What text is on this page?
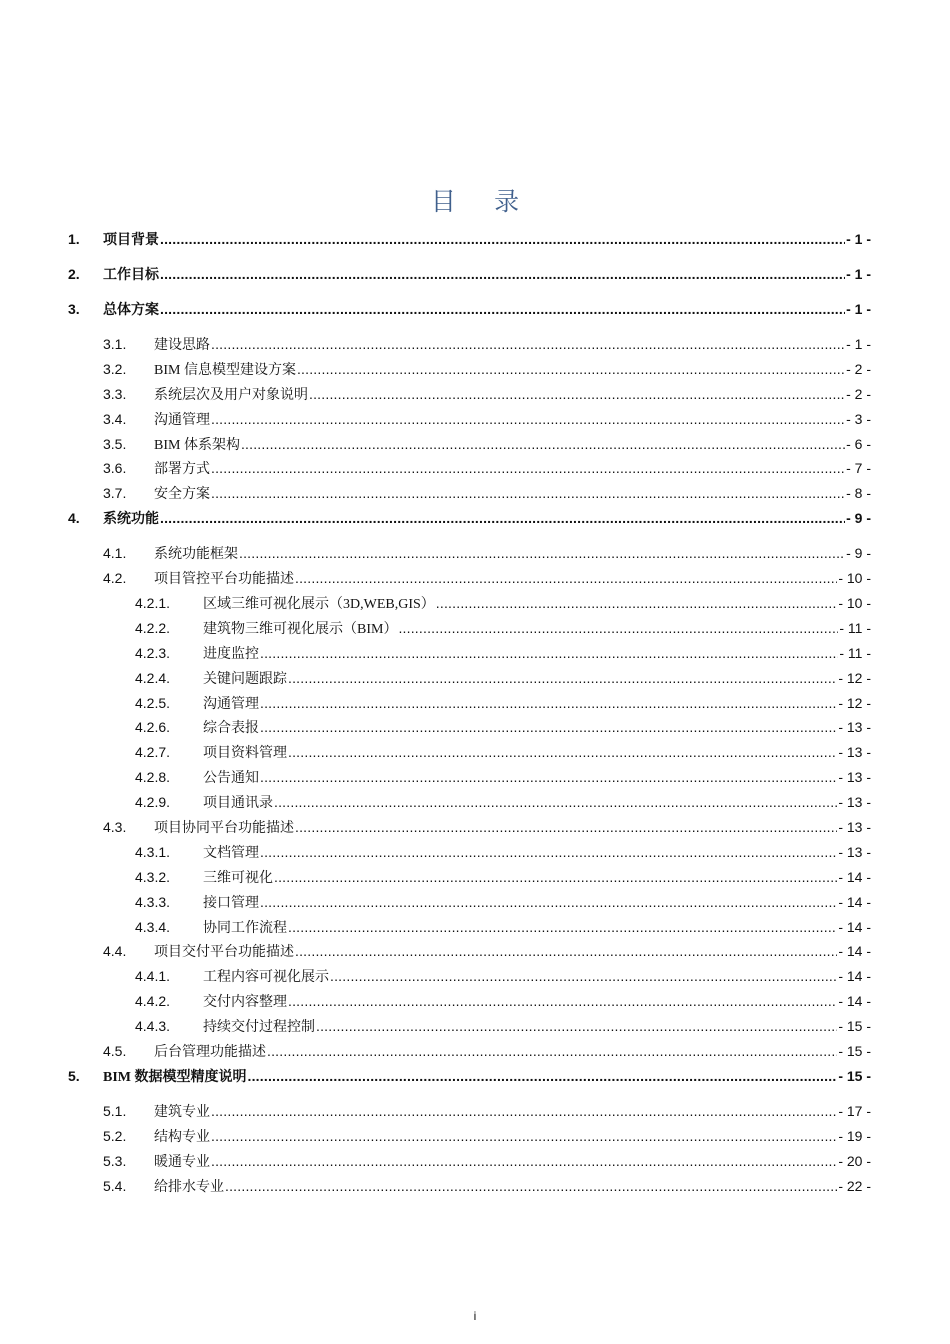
目 录
1.	项目背景 .....	- 1 -
2.	工作目标 .....	- 1 -
3.	总体方案 .....	- 1 -
3.1.	建设思路 .....	- 1 -
3.2.	BIM 信息模型建设方案 .....	- 2 -
3.3.	系统层次及用户对象说明 .....	- 2 -
3.4.	沟通管理 .....	- 3 -
3.5.	BIM 体系架构 .....	- 6 -
3.6.	部署方式 .....	- 7 -
3.7.	安全方案 .....	- 8 -
4.	系统功能 .....	- 9 -
4.1.	系统功能框架 .....	- 9 -
4.2.	项目管控平台功能描述 .....	- 10 -
4.2.1.	区域三维可视化展示（3D,WEB,GIS） .....	- 10 -
4.2.2.	建筑物三维可视化展示（BIM） .....	- 11 -
4.2.3.	进度监控 .....	- 11 -
4.2.4.	关键问题跟踪 .....	- 12 -
4.2.5.	沟通管理 .....	- 12 -
4.2.6.	综合表报 .....	- 13 -
4.2.7.	项目资料管理 .....	- 13 -
4.2.8.	公告通知 .....	- 13 -
4.2.9.	项目通讯录 .....	- 13 -
4.3.	项目协同平台功能描述 .....	- 13 -
4.3.1.	文档管理 .....	- 13 -
4.3.2.	三维可视化 .....	- 14 -
4.3.3.	接口管理 .....	- 14 -
4.3.4.	协同工作流程 .....	- 14 -
4.4.	项目交付平台功能描述 .....	- 14 -
4.4.1.	工程内容可视化展示 .....	- 14 -
4.4.2.	交付内容整理 .....	- 14 -
4.4.3.	持续交付过程控制 .....	- 15 -
4.5.	后台管理功能描述 .....	- 15 -
5.	BIM 数据模型精度说明 .....	- 15 -
5.1.	建筑专业 .....	- 17 -
5.2.	结构专业 .....	- 19 -
5.3.	暖通专业 .....	- 20 -
5.4.	给排水专业 .....	- 22 -
i
